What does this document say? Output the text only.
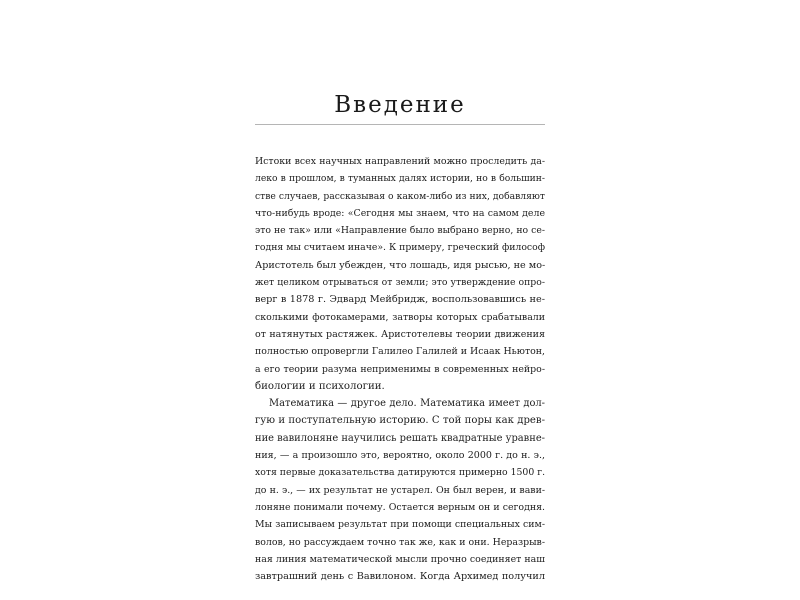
Введение
Истоки всех научных направлений можно проследить да-
леко в прошлом, в туманных далях истории, но в большин-
стве случаев, рассказывая о каком-либо из них, добавляют
что-нибудь вроде: «Сегодня мы знаем, что на самом деле
это не так» или «Направление было выбрано верно, но се-
годня мы считаем иначе». К примеру, греческий философ
Аристотель был убежден, что лошадь, идя рысью, не мо-
жет целиком отрываться от земли; это утверждение опро-
верг в 1878 г. Эдвард Мейбридж, воспользовавшись не-
сколькими фотокамерами, затворы которых срабатывали
от натянутых растяжек. Аристотелевы теории движения
полностью опровергли Галилео Галилей и Исаак Ньютон,
а его теории разума неприменимы в современных нейро-
биологии и психологии.
Математика — другое дело. Математика имеет дол-
гую и поступательную историю. С той поры как древ-
ние вавилоняне научились решать квадратные уравне-
ния, — а произошло это, вероятно, около 2000 г. до н. э.,
хотя первые доказательства датируются примерно 1500 г.
до н. э., — их результат не устарел. Он был верен, и вави-
лоняне понимали почему. Остается верным он и сегодня.
Мы записываем результат при помощи специальных сим-
волов, но рассуждаем точно так же, как и они. Неразрыв-
ная линия математической мысли прочно соединяет наш
завтрашний день с Вавилоном. Когда Архимед получил
